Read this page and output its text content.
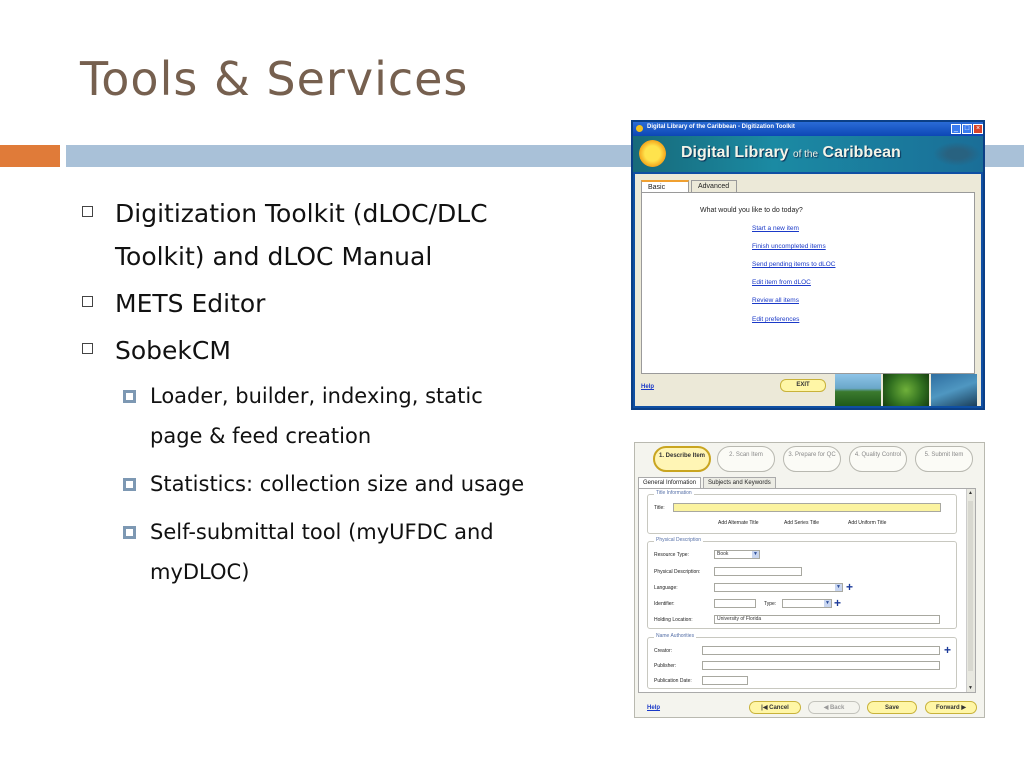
Tools & Services
Digitization Toolkit (dLOC/DLC Toolkit) and dLOC Manual
METS Editor
SobekCM
Loader, builder, indexing, static page & feed creation
Statistics: collection size and usage
Self-submittal tool (myUFDC and myDLOC)
Digital Library of the Caribbean - Digitization Toolkit	_ □ ×
Digital Library of the Caribbean
Basic	Advanced
What would you like to do today?
Start a new item
Finish uncompleted items
Send pending items to dLOC
Edit item from dLOC
Review all items
Edit preferences
Help	EXIT
1. Describe Item	2. Scan Item	3. Prepare for QC	4. Quality Control	5. Submit Item
General Information	Subjects and Keywords
▲
▼
Title Information
Title:
Add Alternate Title	Add Series Title	Add Uniform Title
Physical Description
Resource Type:	Book	▼
Physical Description:
Language:	▼ +
Identifier:	Type:	▼ +
Holding Location:	University of Florida
Name Authorities
Creator:	+
Publisher:
Publication Date:
Help	|◀ Cancel	◀ Back	Save	Forward ▶
